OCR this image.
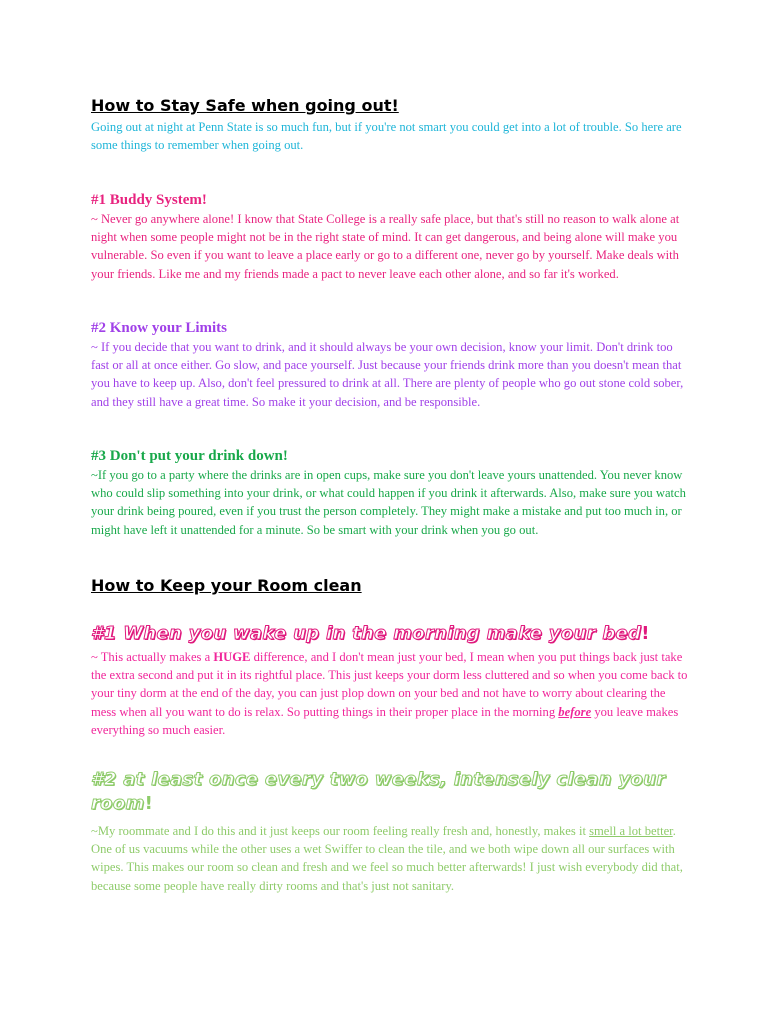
How to Stay Safe when going out!

Going out at night at Penn State is so much fun, but if you're not smart you could get into a lot of trouble. So here are some things to remember when going out.

#1 Buddy System!

~ Never go anywhere alone! I know that State College is a really safe place, but that's still no reason to walk alone at night when some people might not be in the right state of mind. It can get dangerous, and being alone will make you vulnerable. So even if you want to leave a place early or go to a different one, never go by yourself. Make deals with your friends. Like me and my friends made a pact to never leave each other alone, and so far it's worked.

#2 Know your Limits

~ If you decide that you want to drink, and it should always be your own decision, know your limit. Don't drink too fast or all at once either. Go slow, and pace yourself. Just because your friends drink more than you doesn't mean that you have to keep up. Also, don't feel pressured to drink at all. There are plenty of people who go out stone cold sober, and they still have a great time. So make it your decision, and be responsible.

#3 Don't put your drink down!

~If you go to a party where the drinks are in open cups, make sure you don't leave yours unattended. You never know who could slip something into your drink, or what could happen if you drink it afterwards. Also, make sure you watch your drink being poured, even if you trust the person completely. They might make a mistake and put too much in, or might have left it unattended for a minute. So be smart with your drink when you go out.

How to Keep your Room clean
#1 When you wake up in the morning make your bed!

~ This actually makes a HUGE difference, and I don't mean just your bed, I mean when you put things back just take the extra second and put it in its rightful place. This just keeps your dorm less cluttered and so when you come back to your tiny dorm at the end of the day, you can just plop down on your bed and not have to worry about clearing the mess when all you want to do is relax. So putting things in their proper place in the morning before you leave makes everything so much easier.

#2 at least once every two weeks, intensely clean your room!

~My roommate and I do this and it just keeps our room feeling really fresh and, honestly, makes it smell a lot better. One of us vacuums while the other uses a wet Swiffer to clean the tile, and we both wipe down all our surfaces with wipes. This makes our room so clean and fresh and we feel so much better afterwards! I just wish everybody did that, because some people have really dirty rooms and that's just not sanitary.
